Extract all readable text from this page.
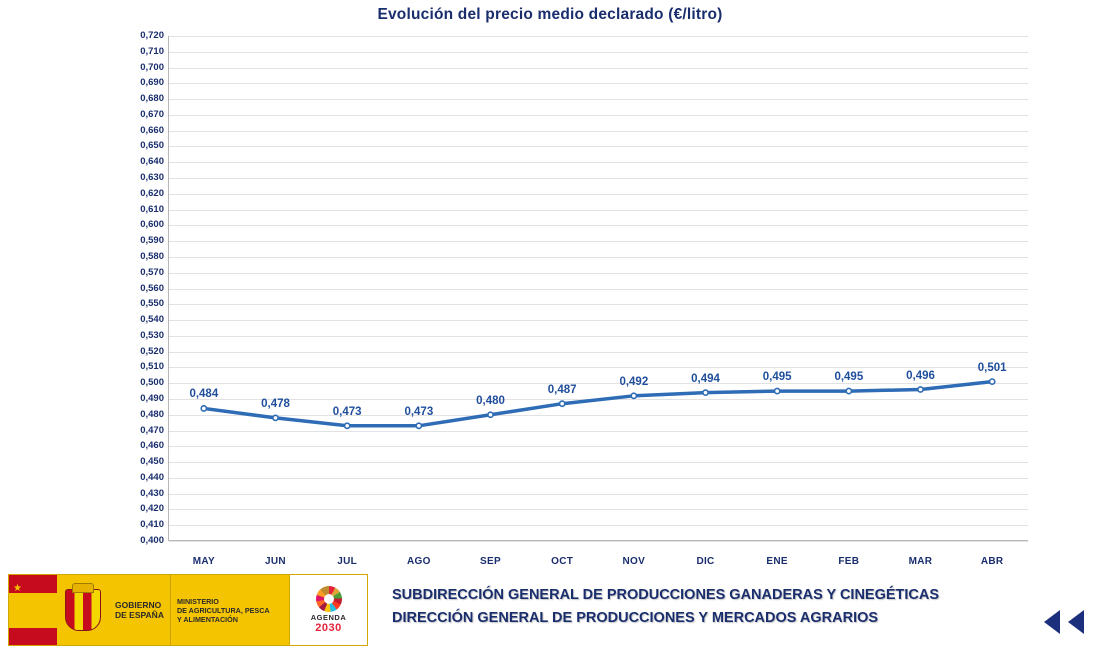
Evolución del precio medio declarado (€/litro)
0,400
0,410
0,420
0,430
0,440
0,450
0,460
0,470
0,480
0,490
0,500
0,510
0,520
0,530
0,540
0,550
0,560
0,570
0,580
0,590
0,600
0,610
0,620
0,630
0,640
0,650
0,660
0,670
0,680
0,690
0,700
0,710
0,720
MAY	JUN	JUL	AGO	SEP	OCT	NOV	DIC	ENE	FEB	MAR	ABR
0,484
0,478
0,473	0,473
0,480
0,487
0,492	0,494	0,495	0,495	0,496
0,501
★
★
★
GOBIERNO
DE ESPAÑA
MINISTERIO
DE AGRICULTURA, PESCA
Y ALIMENTACIÓN	AGENDA
2030
SUBDIRECCIÓN GENERAL DE PRODUCCIONES GANADERAS Y CINEGÉTICAS
DIRECCIÓN GENERAL DE PRODUCCIONES Y MERCADOS AGRARIOS
